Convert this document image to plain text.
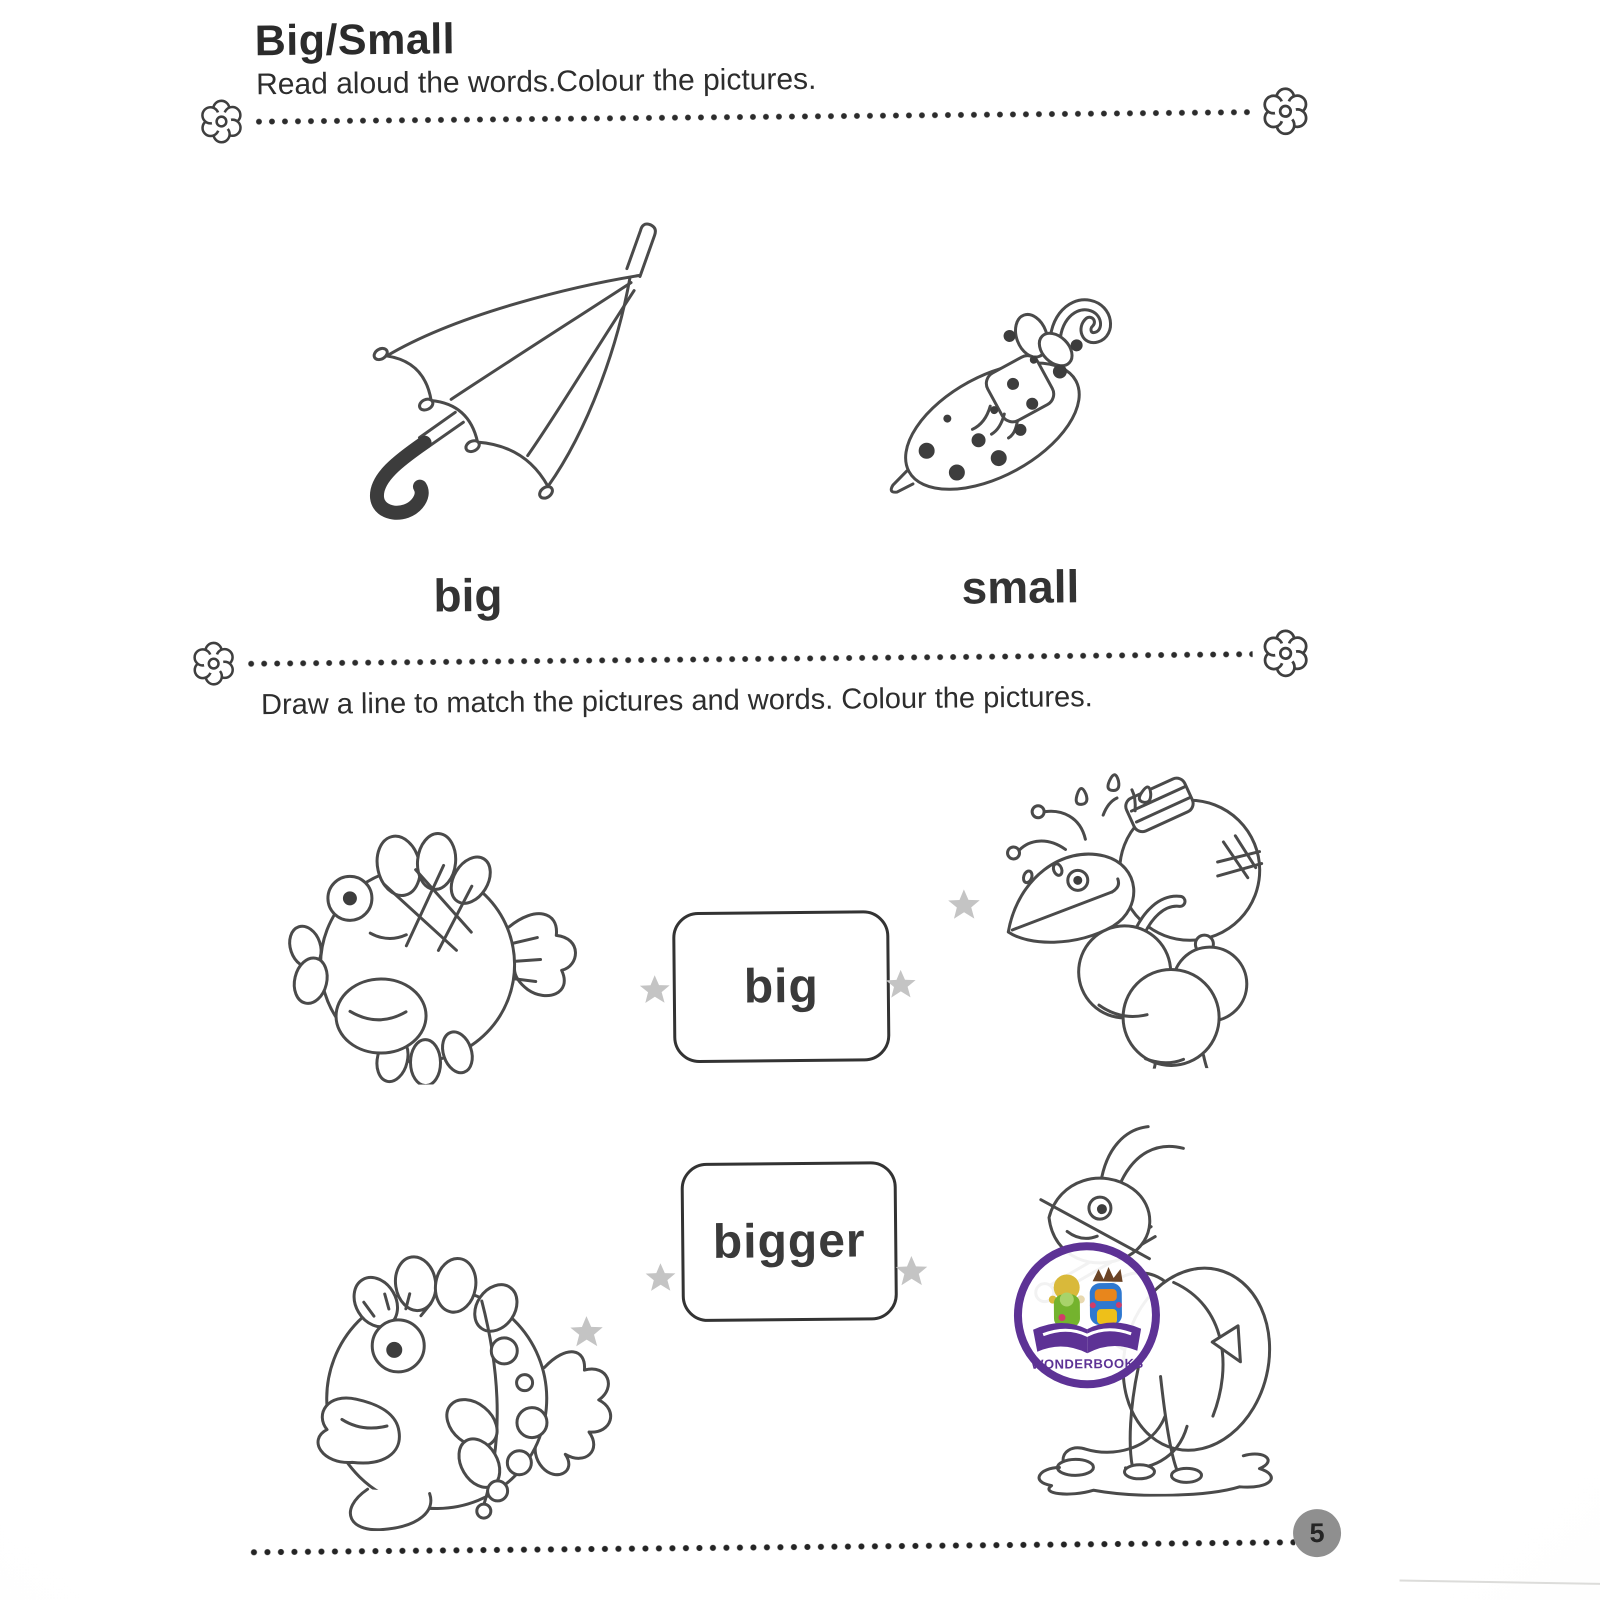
Big/Small
Read aloud the words.Colour the pictures.
big	small
Draw a line to match the pictures and words. Colour the pictures.
big
bigger
WONDERBOOKS
5
